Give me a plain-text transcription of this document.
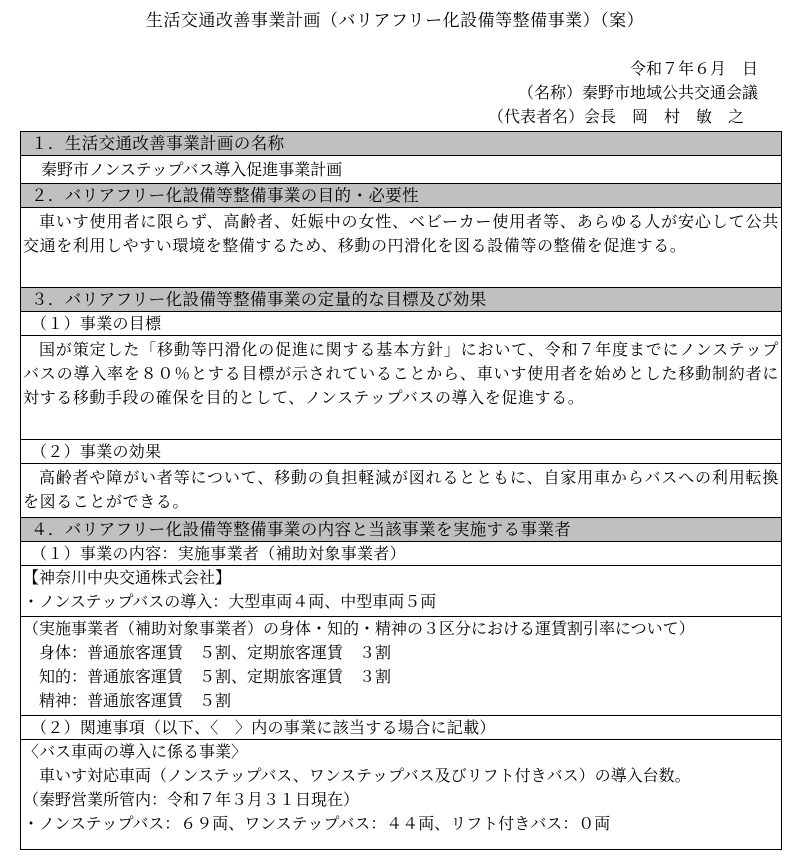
生活交通改善事業計画（バリアフリー化設備等整備事業）（案）
令和７年６月　日
（名称）秦野市地域公共交通会議
（代表者名）会長　岡　村　敏　之
１．生活交通改善事業計画の名称
秦野市ノンステップバス導入促進事業計画
２．バリアフリー化設備等整備事業の目的・必要性
車いす使用者に限らず、高齢者、妊娠中の女性、ベビーカー使用者等、あらゆる人が安心して公共交通を利用しやすい環境を整備するため、移動の円滑化を図る設備等の整備を促進する。
３．バリアフリー化設備等整備事業の定量的な目標及び効果
（１）事業の目標
国が策定した「移動等円滑化の促進に関する基本方針」において、令和７年度までにノンステップバスの導入率を８０％とする目標が示されていることから、車いす使用者を始めとした移動制約者に対する移動手段の確保を目的として、ノンステップバスの導入を促進する。
（２）事業の効果
高齢者や障がい者等について、移動の負担軽減が図れるとともに、自家用車からバスへの利用転換を図ることができる。
４．バリアフリー化設備等整備事業の内容と当該事業を実施する事業者
（１）事業の内容：実施事業者（補助対象事業者）
【神奈川中央交通株式会社】
・ノンステップバスの導入：大型車両４両、中型車両５両
（実施事業者（補助対象事業者）の身体・知的・精神の３区分における運賃割引率について）
身体：普通旅客運賃　５割、定期旅客運賃　３割
知的：普通旅客運賃　５割、定期旅客運賃　３割
精神：普通旅客運賃　５割
（２）関連事項（以下、〈　〉内の事業に該当する場合に記載）
〈バス車両の導入に係る事業〉
車いす対応車両（ノンステップバス、ワンステップバス及びリフト付きバス）の導入台数。
（秦野営業所管内：令和７年３月３１日現在）
・ノンステップバス：６９両、ワンステップバス：４４両、リフト付きバス：０両
